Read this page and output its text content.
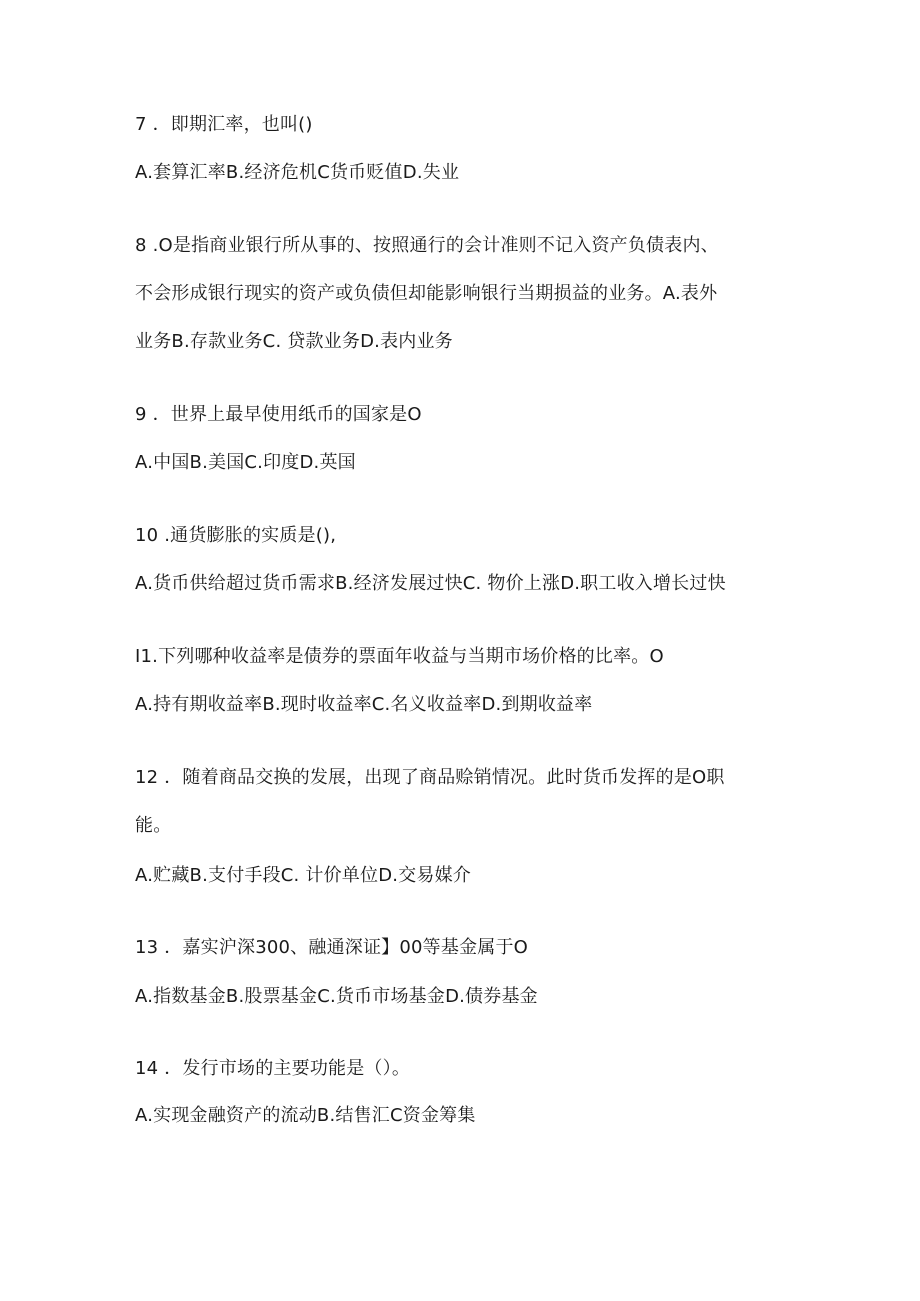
7 ．即期汇率，也叫()
A.套算汇率B.经济危机C货币贬值D.失业
8 .O是指商业银行所从事的、按照通行的会计准则不记入资产负债表内、
不会形成银行现实的资产或负债但却能影响银行当期损益的业务。A.表外
业务B.存款业务C. 贷款业务D.表内业务
9 ．世界上最早使用纸币的国家是O
A.中国B.美国C.印度D.英国
10 .通货膨胀的实质是(),
A.货币供给超过货币需求B.经济发展过快C. 物价上涨D.职工收入增长过快
I1.下列哪种收益率是债券的票面年收益与当期市场价格的比率。O
A.持有期收益率B.现时收益率C.名义收益率D.到期收益率
12 ．随着商品交换的发展，出现了商品赊销情况。此时货币发挥的是O职
能。
A.贮藏B.支付手段C. 计价单位D.交易媒介
13 ．嘉实沪深300、融通深证】00等基金属于O
A.指数基金B.股票基金C.货币市场基金D.债券基金
14 ．发行市场的主要功能是（）。
A.实现金融资产的流动B.结售汇C资金筹集
